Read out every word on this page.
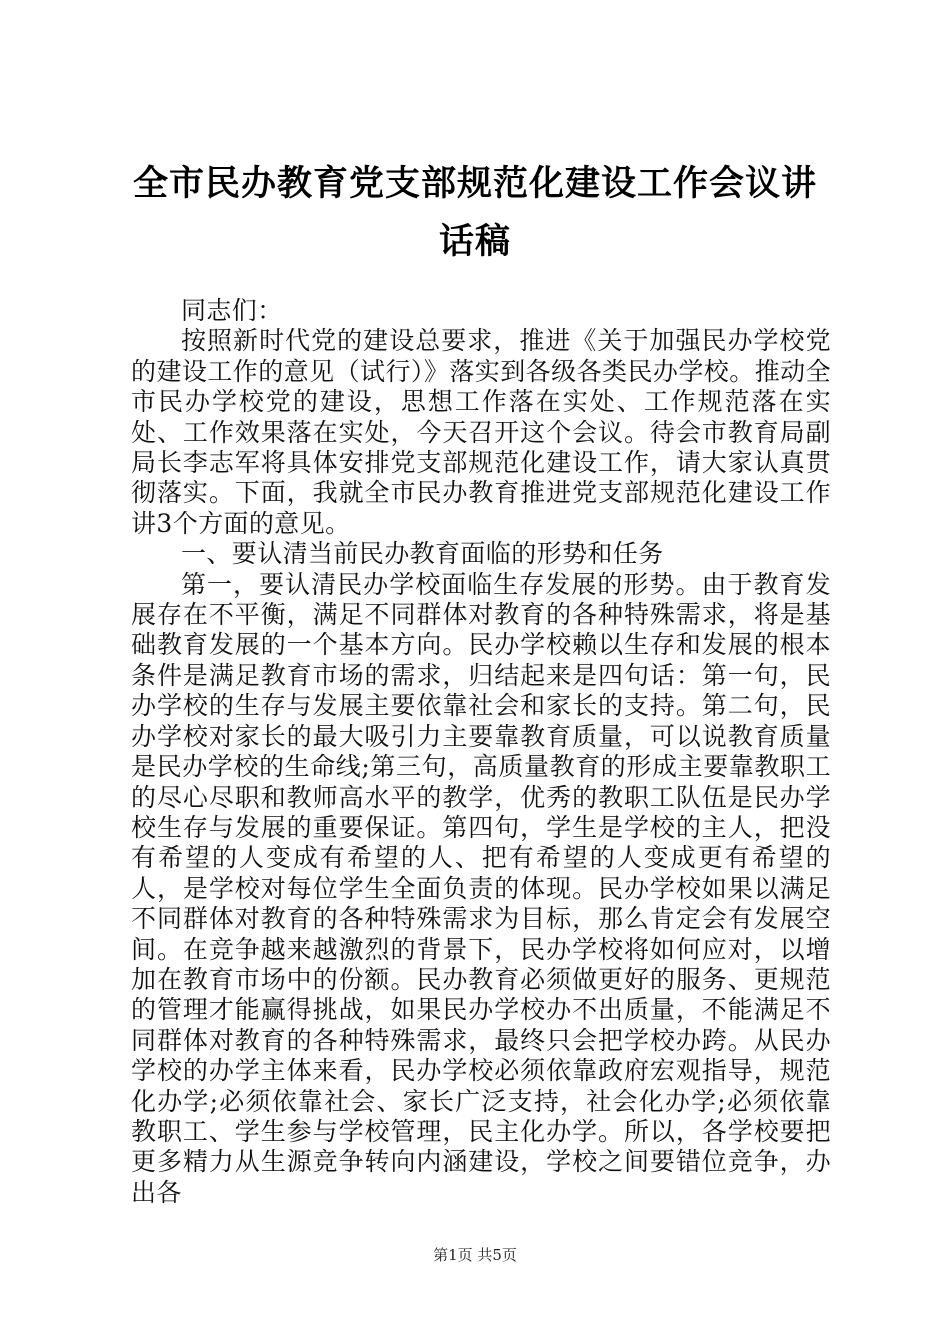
全市民办教育党支部规范化建设工作会议讲话稿

同志们：

按照新时代党的建设总要求，推进《关于加强民办学校党的建设工作的意见（试行）》落实到各级各类民办学校。推动全市民办学校党的建设，思想工作落在实处、工作规范落在实处、工作效果落在实处，今天召开这个会议。待会市教育局副局长李志军将具体安排党支部规范化建设工作，请大家认真贯彻落实。下面，我就全市民办教育推进党支部规范化建设工作讲3个方面的意见。

一、要认清当前民办教育面临的形势和任务

第一，要认清民办学校面临生存发展的形势。由于教育发展存在不平衡，满足不同群体对教育的各种特殊需求，将是基础教育发展的一个基本方向。民办学校赖以生存和发展的根本条件是满足教育市场的需求，归结起来是四句话：第一句，民办学校的生存与发展主要依靠社会和家长的支持。第二句，民办学校对家长的最大吸引力主要靠教育质量，可以说教育质量是民办学校的生命线;第三句，高质量教育的形成主要靠教职工的尽心尽职和教师高水平的教学，优秀的教职工队伍是民办学校生存与发展的重要保证。第四句，学生是学校的主人，把没有希望的人变成有希望的人、把有希望的人变成更有希望的人，是学校对每位学生全面负责的体现。民办学校如果以满足不同群体对教育的各种特殊需求为目标，那么肯定会有发展空间。在竞争越来越激烈的背景下，民办学校将如何应对，以增加在教育市场中的份额。民办教育必须做更好的服务、更规范的管理才能赢得挑战，如果民办学校办不出质量，不能满足不同群体对教育的各种特殊需求，最终只会把学校办跨。从民办学校的办学主体来看，民办学校必须依靠政府宏观指导，规范化办学;必须依靠社会、家长广泛支持，社会化办学;必须依靠教职工、学生参与学校管理，民主化办学。所以，各学校要把更多精力从生源竞争转向内涵建设，学校之间要错位竞争，办出各

第1页 共5页
